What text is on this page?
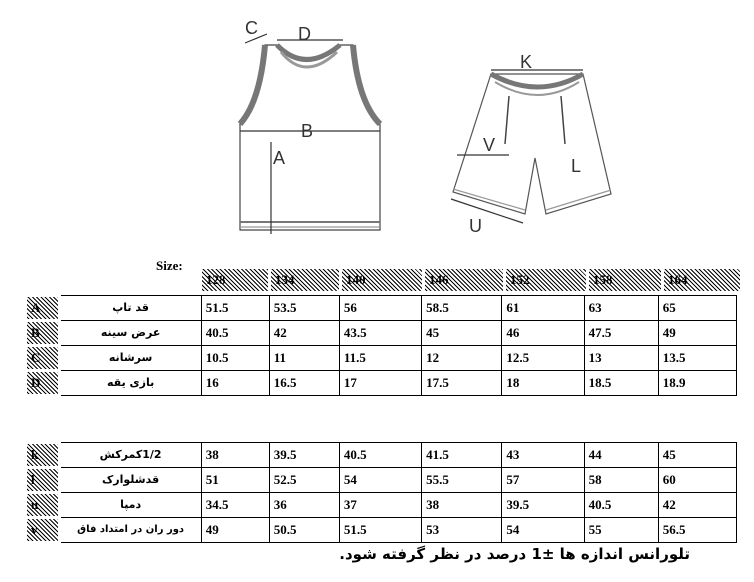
C D
B
A
K
V
L
U
Size:
128	134	140	146	152	158	164
A	قد تاپ	51.5	53.5	56	58.5	61	63	65
B	عرض سینه	40.5	42	43.5	45	46	47.5	49
C	سرشانه	10.5	11	11.5	12	12.5	13	13.5
D	بازی یقه	16	16.5	17	17.5	18	18.5	18.9
k	1/2کمرکش	38	39.5	40.5	41.5	43	44	45
l	قدشلوارک	51	52.5	54	55.5	57	58	60
u	دمپا	34.5	36	37	38	39.5	40.5	42
v	دور ران در امتداد فاق	49	50.5	51.5	53	54	55	56.5
تلورانس اندازه ها ±1 درصد در نظر گرفته شود.
